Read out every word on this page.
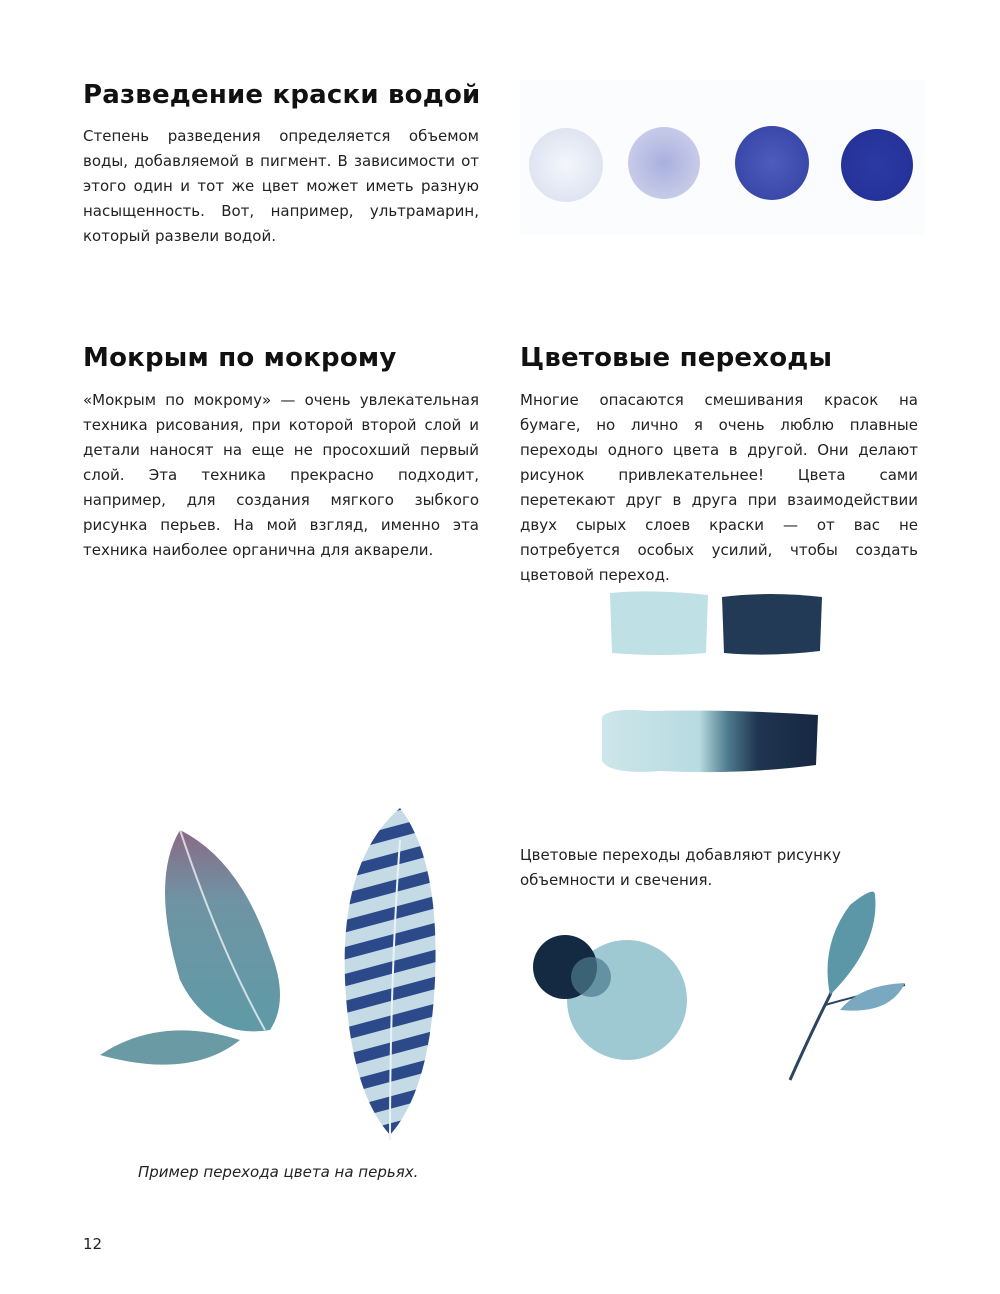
Разведение краски водой

Степень разведения определяется объемом воды, добавляемой в пигмент. В зависимости от этого один и тот же цвет может иметь разную насыщенность. Вот, например, ультрамарин, который развели водой.

Мокрым по мокрому

«Мокрым по мокрому» — очень увлекательная техника рисования, при которой второй слой и детали наносят на еще не просохший первый слой. Эта техника прекрасно подходит, например, для создания мягкого зыбкого рисунка перьев. На мой взгляд, именно эта техника наиболее органична для акварели.

Цветовые переходы

Многие опасаются смешивания красок на бумаге, но лично я очень люблю плавные переходы одного цвета в другой. Они делают рисунок привлекательнее! Цвета сами перетекают друг в друга при взаимодействии двух сырых слоев краски — от вас не потребуется особых усилий, чтобы создать цветовой переход.

Цветовые переходы добавляют рисунку объемности и свечения.

Пример перехода цвета на перьях.

12
